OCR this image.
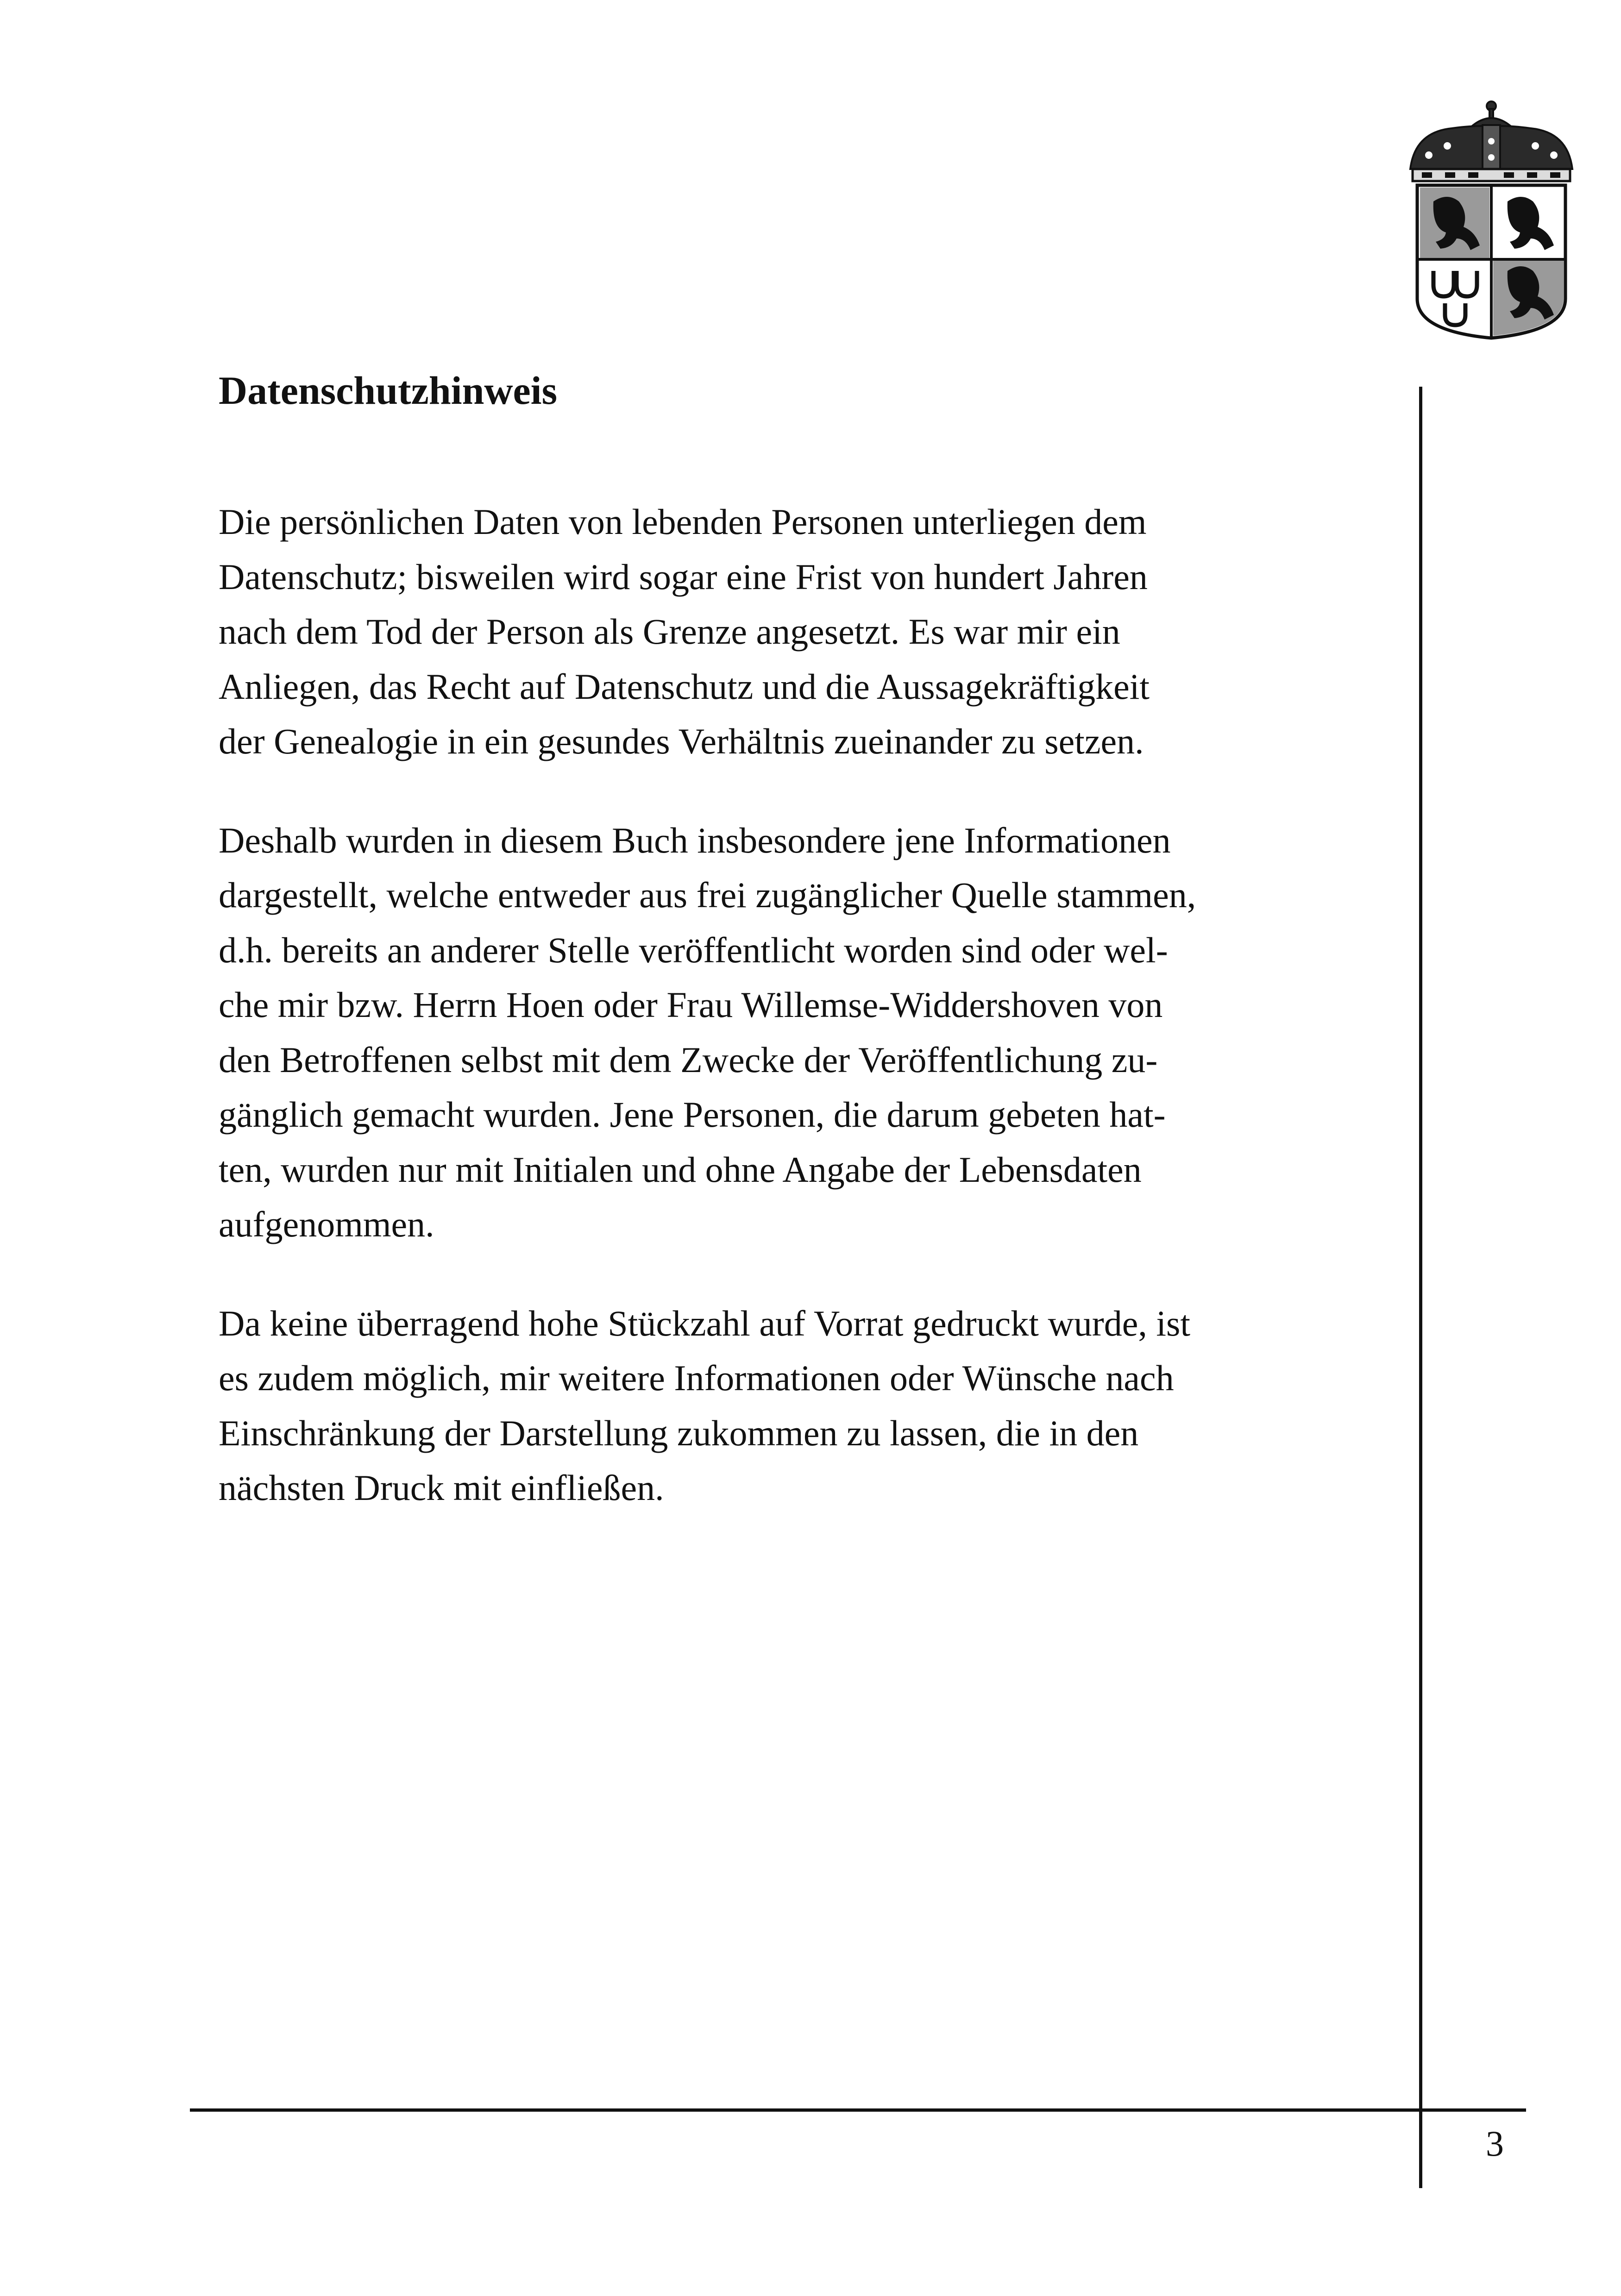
Datenschutzhinweis

Die persönlichen Daten von lebenden Personen unterliegen dem
Datenschutz; bisweilen wird sogar eine Frist von hundert Jahren
nach dem Tod der Person als Grenze angesetzt. Es war mir ein
Anliegen, das Recht auf Datenschutz und die Aussagekräftigkeit
der Genealogie in ein gesundes Verhältnis zueinander zu setzen.

Deshalb wurden in diesem Buch insbesondere jene Informationen
dargestellt, welche entweder aus frei zugänglicher Quelle stammen,
d.h. bereits an anderer Stelle veröffentlicht worden sind oder wel-
che mir bzw. Herrn Hoen oder Frau Willemse-Widdershoven von
den Betroffenen selbst mit dem Zwecke der Veröffentlichung zu-
gänglich gemacht wurden. Jene Personen, die darum gebeten hat-
ten, wurden nur mit Initialen und ohne Angabe der Lebensdaten
aufgenommen.

Da keine überragend hohe Stückzahl auf Vorrat gedruckt wurde, ist
es zudem möglich, mir weitere Informationen oder Wünsche nach
Einschränkung der Darstellung zukommen zu lassen, die in den
nächsten Druck mit einfließen.

3
